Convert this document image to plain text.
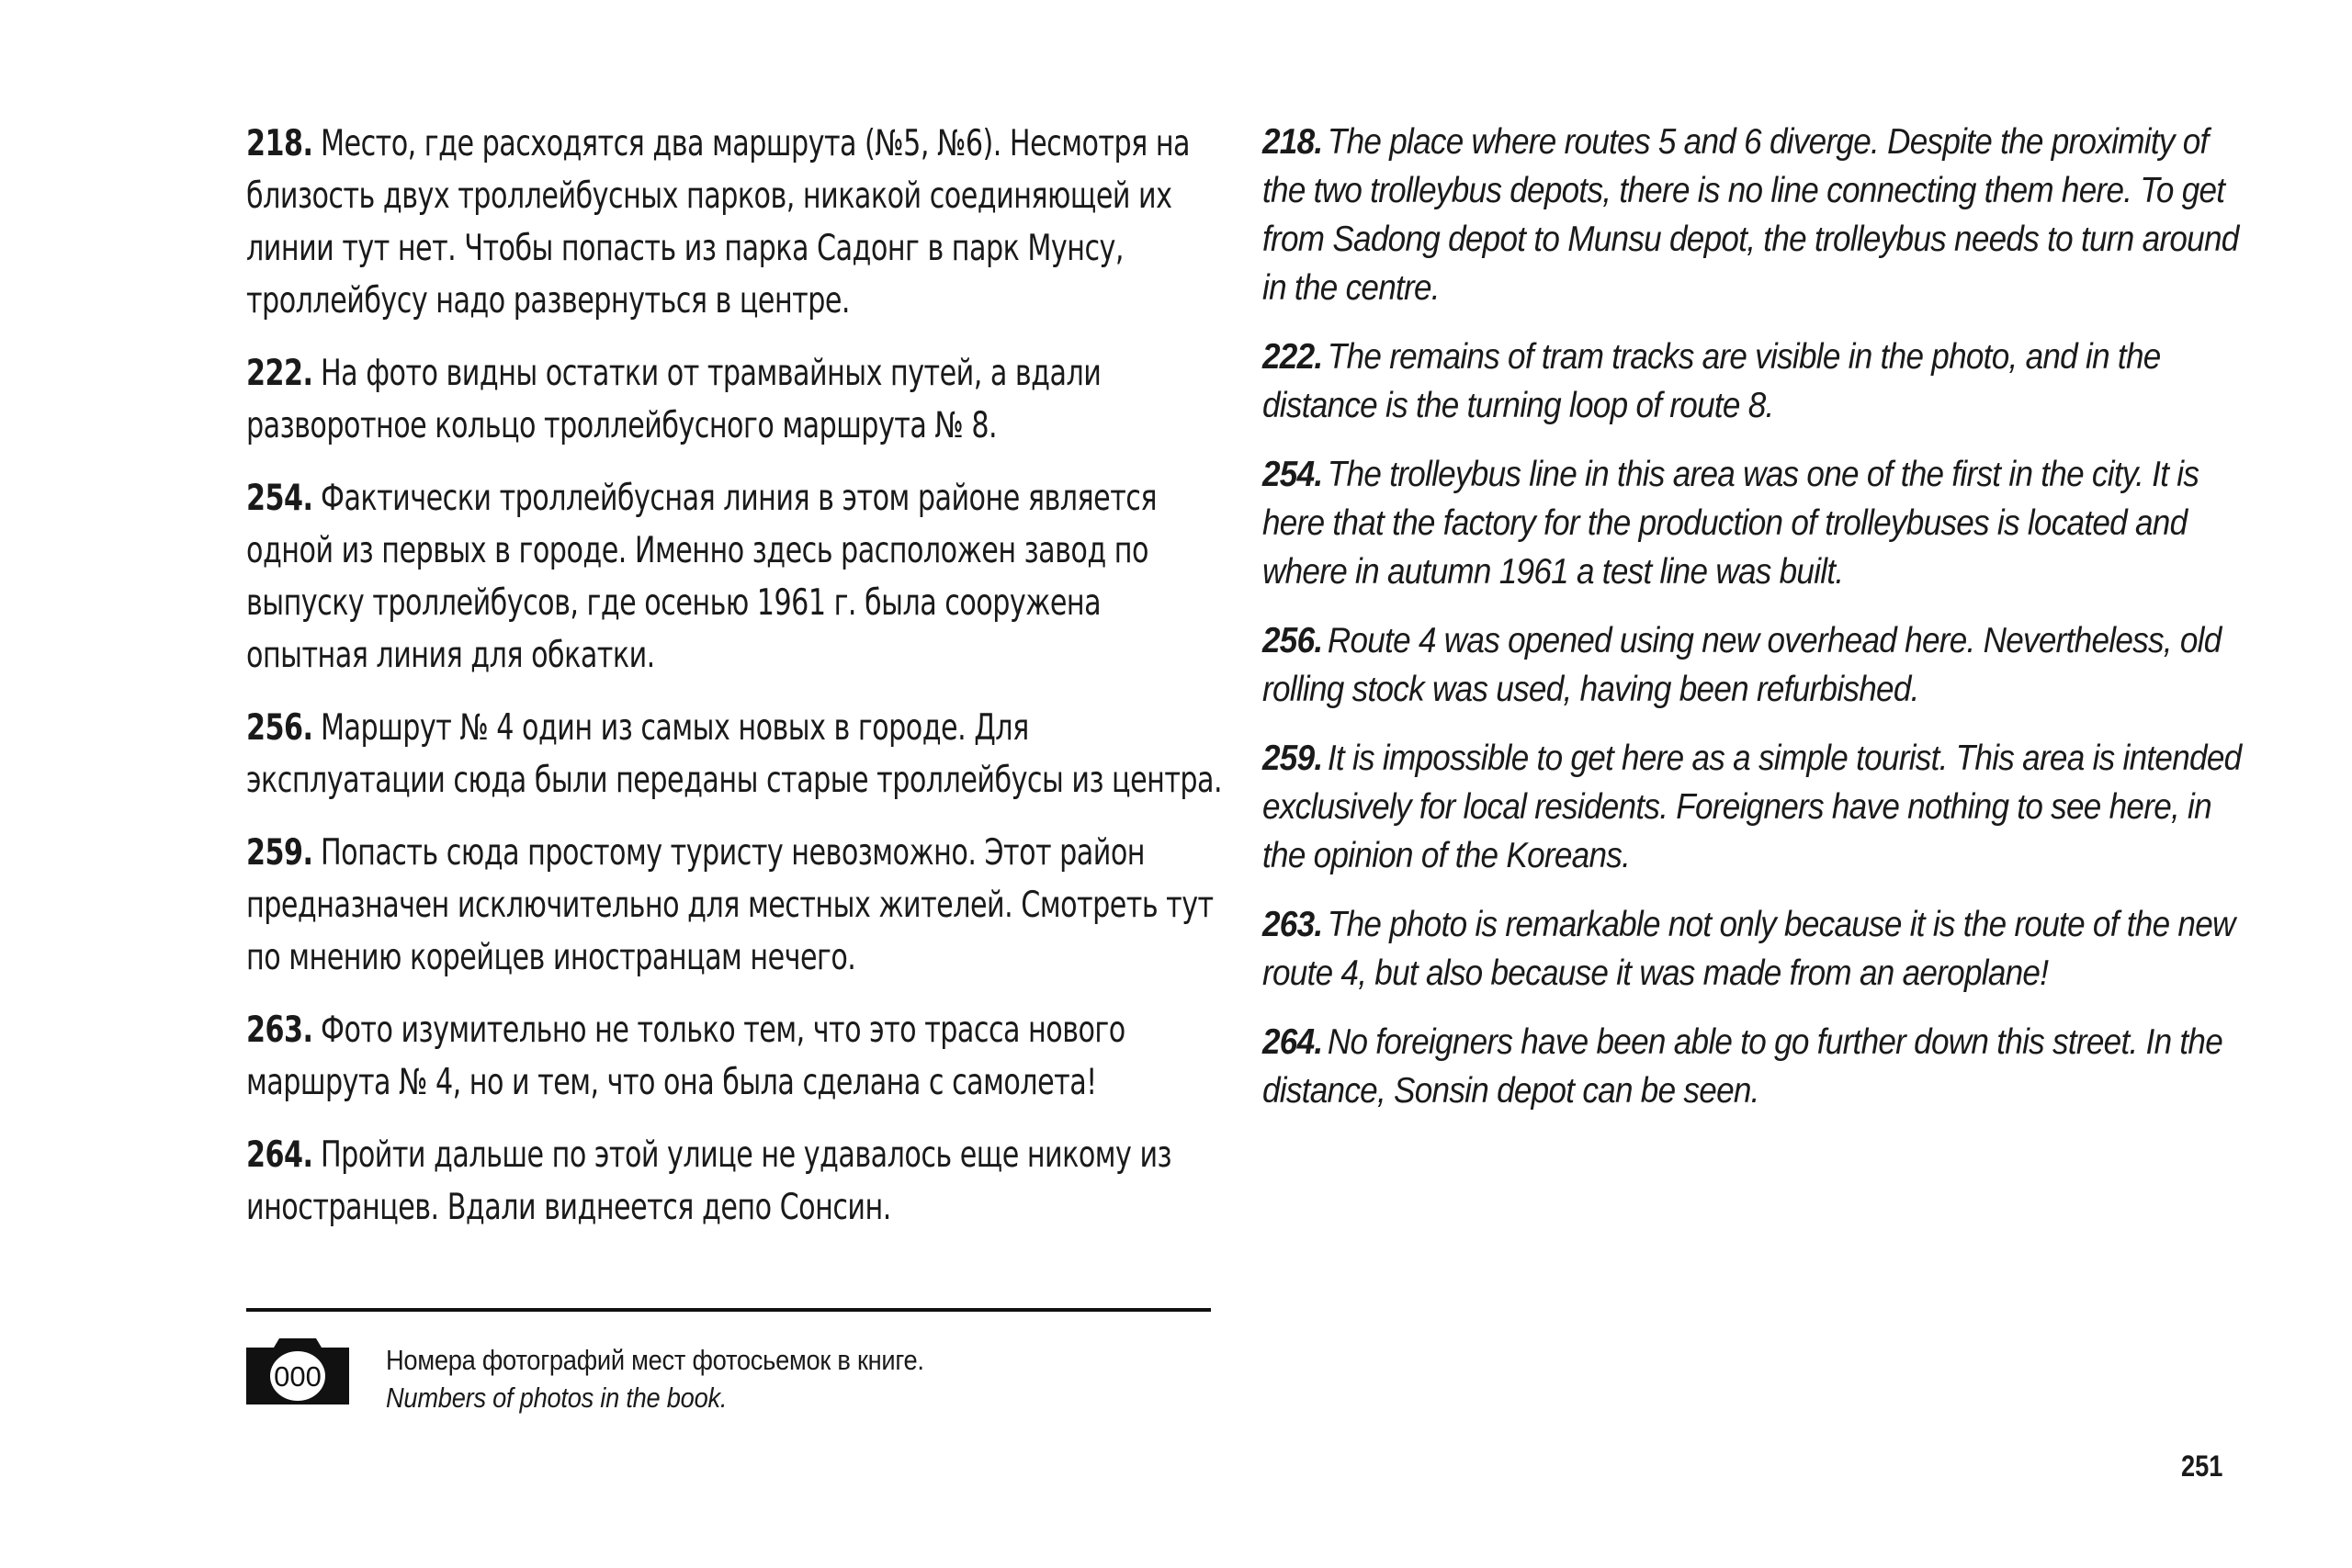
218. Место, где расходятся два маршрута (№5, №6). Несмотря на близость двух троллейбусных парков, никакой соединяющей их линии тут нет. Чтобы попасть из парка Садонг в парк Мунсу, троллейбусу надо развернуться в центре.

222. На фото видны остатки от трамвайных путей, а вдали разворотное кольцо троллейбусного маршрута № 8.

254. Фактически троллейбусная линия в этом районе является одной из первых в городе. Именно здесь расположен завод по выпуску троллейбусов, где осенью 1961 г. была сооружена опытная линия для обкатки.

256. Маршрут № 4 один из самых новых в городе. Для эксплуатации сюда были переданы старые троллейбусы из центра.

259. Попасть сюда простому туристу невозможно. Этот район предназначен исключительно для местных жителей. Смотреть тут по мнению корейцев иностранцам нечего.

263. Фото изумительно не только тем, что это трасса нового маршрута № 4, но и тем, что она была сделана с самолета!

264. Пройти дальше по этой улице не удавалось еще никому из иностранцев. Вдали виднеется депо Сонсин.

218. The place where routes 5 and 6 diverge. Despite the proximity of the two trolleybus depots, there is no line connecting them here. To get from Sadong depot to Munsu depot, the trolleybus needs to turn around in the centre.

222. The remains of tram tracks are visible in the photo, and in the distance is the turning loop of route 8.

254. The trolleybus line in this area was one of the first in the city. It is here that the factory for the production of trolleybuses is located and where in autumn 1961 a test line was built.

256. Route 4 was opened using new overhead here. Nevertheless, old rolling stock was used, having been refurbished.

259. It is impossible to get here as a simple tourist. This area is intended exclusively for local residents. Foreigners have nothing to see here, in the opinion of the Koreans.

263. The photo is remarkable not only because it is the route of the new route 4, but also because it was made from an aeroplane!

264. No foreigners have been able to go further down this street. In the distance, Sonsin depot can be seen.

000
Номера фотографий мест фотосьемок в книге.
Numbers of photos in the book.
251
